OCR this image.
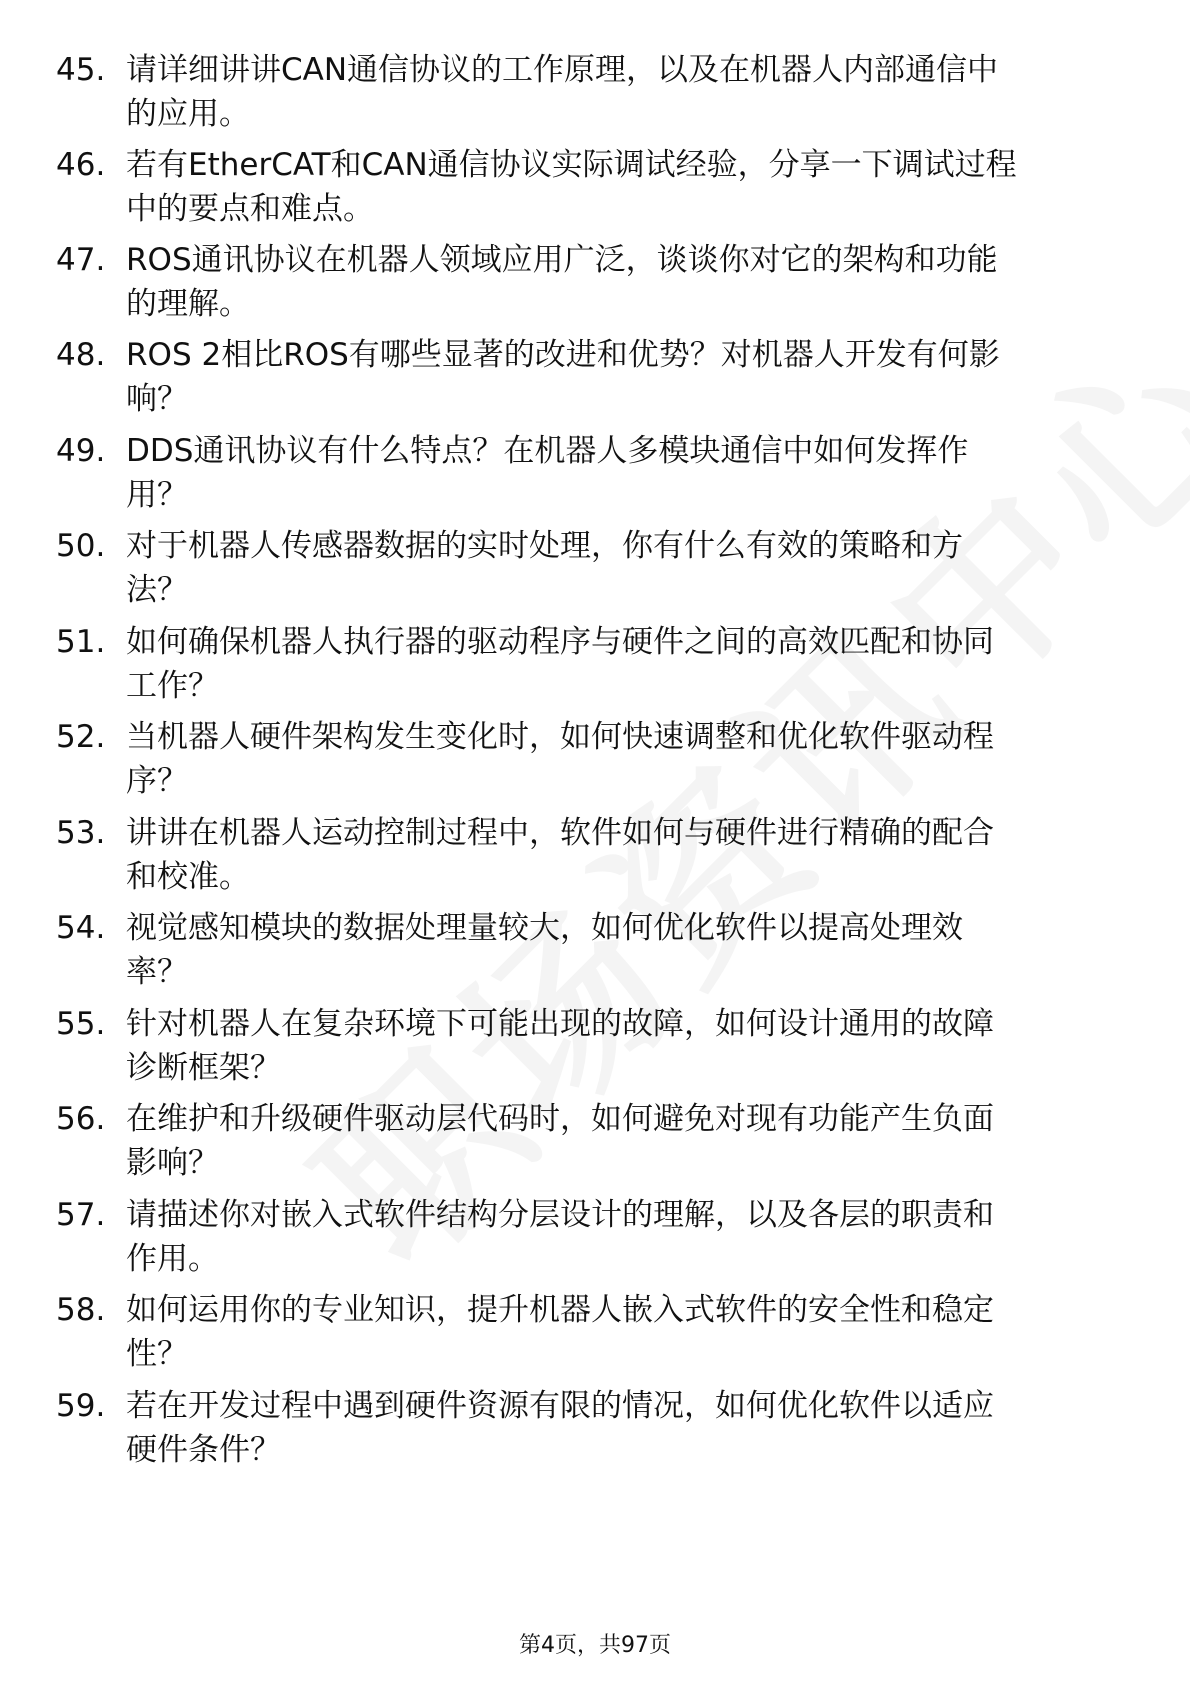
45. 请详细讲讲CAN通信协议的工作原理，以及在机器人内部通信中
的应用。
46. 若有EtherCAT和CAN通信协议实际调试经验，分享一下调试过程
中的要点和难点。
47. ROS通讯协议在机器人领域应用广泛，谈谈你对它的架构和功能
的理解。
48. ROS 2相比ROS有哪些显著的改进和优势？对机器人开发有何影
响？
49. DDS通讯协议有什么特点？在机器人多模块通信中如何发挥作
用？
50. 对于机器人传感器数据的实时处理，你有什么有效的策略和方
法？
51. 如何确保机器人执行器的驱动程序与硬件之间的高效匹配和协同
工作？
52. 当机器人硬件架构发生变化时，如何快速调整和优化软件驱动程
序？
53. 讲讲在机器人运动控制过程中，软件如何与硬件进行精确的配合
和校准。
54. 视觉感知模块的数据处理量较大，如何优化软件以提高处理效
率？
55. 针对机器人在复杂环境下可能出现的故障，如何设计通用的故障
诊断框架？
56. 在维护和升级硬件驱动层代码时，如何避免对现有功能产生负面
影响？
57. 请描述你对嵌入式软件结构分层设计的理解，以及各层的职责和
作用。
58. 如何运用你的专业知识，提升机器人嵌入式软件的安全性和稳定
性？
59. 若在开发过程中遇到硬件资源有限的情况，如何优化软件以适应
硬件条件？
第4页，共97页
